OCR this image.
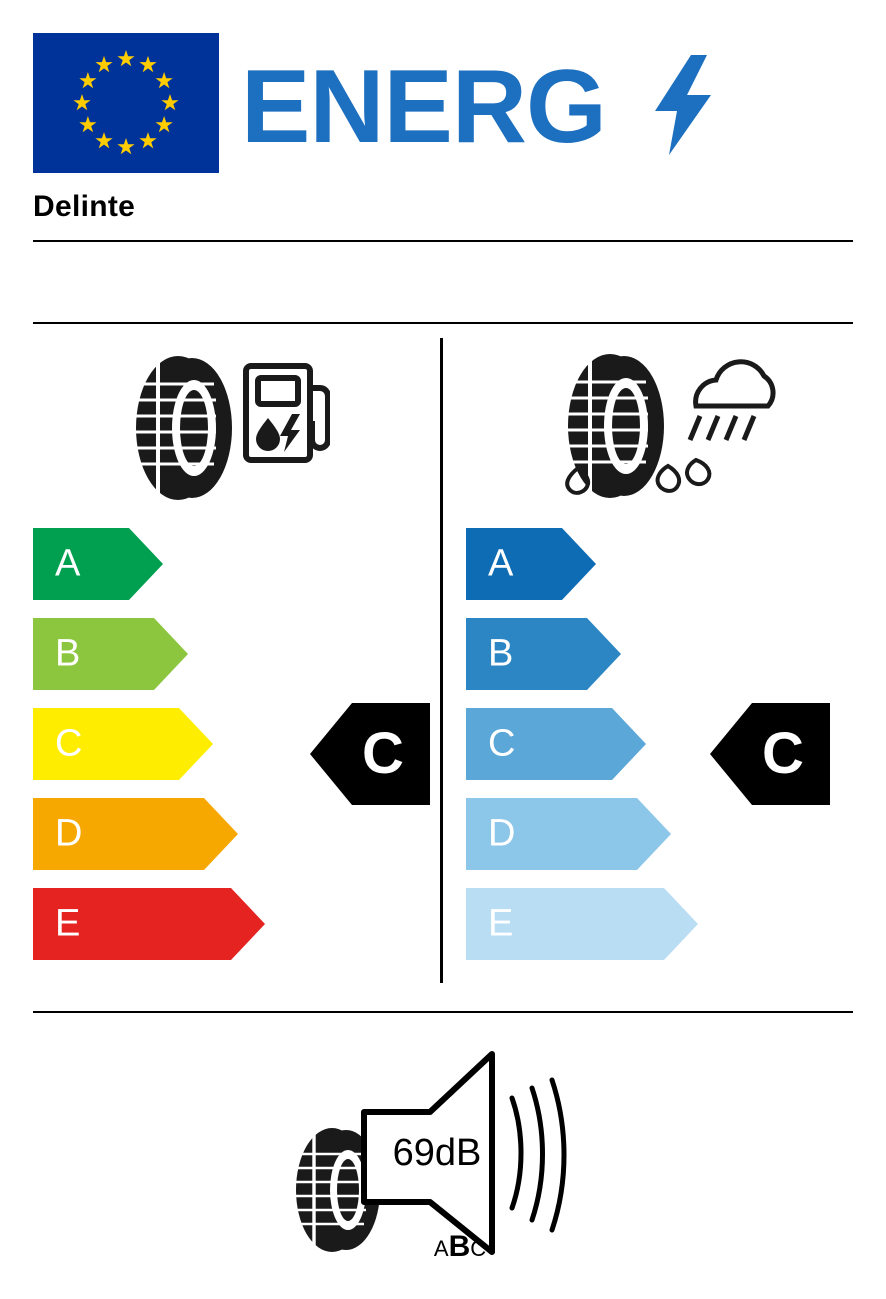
ENERG
Delinte
A
B
C
D
E
C
A
B
C
D
E
C
69dB
ABC
